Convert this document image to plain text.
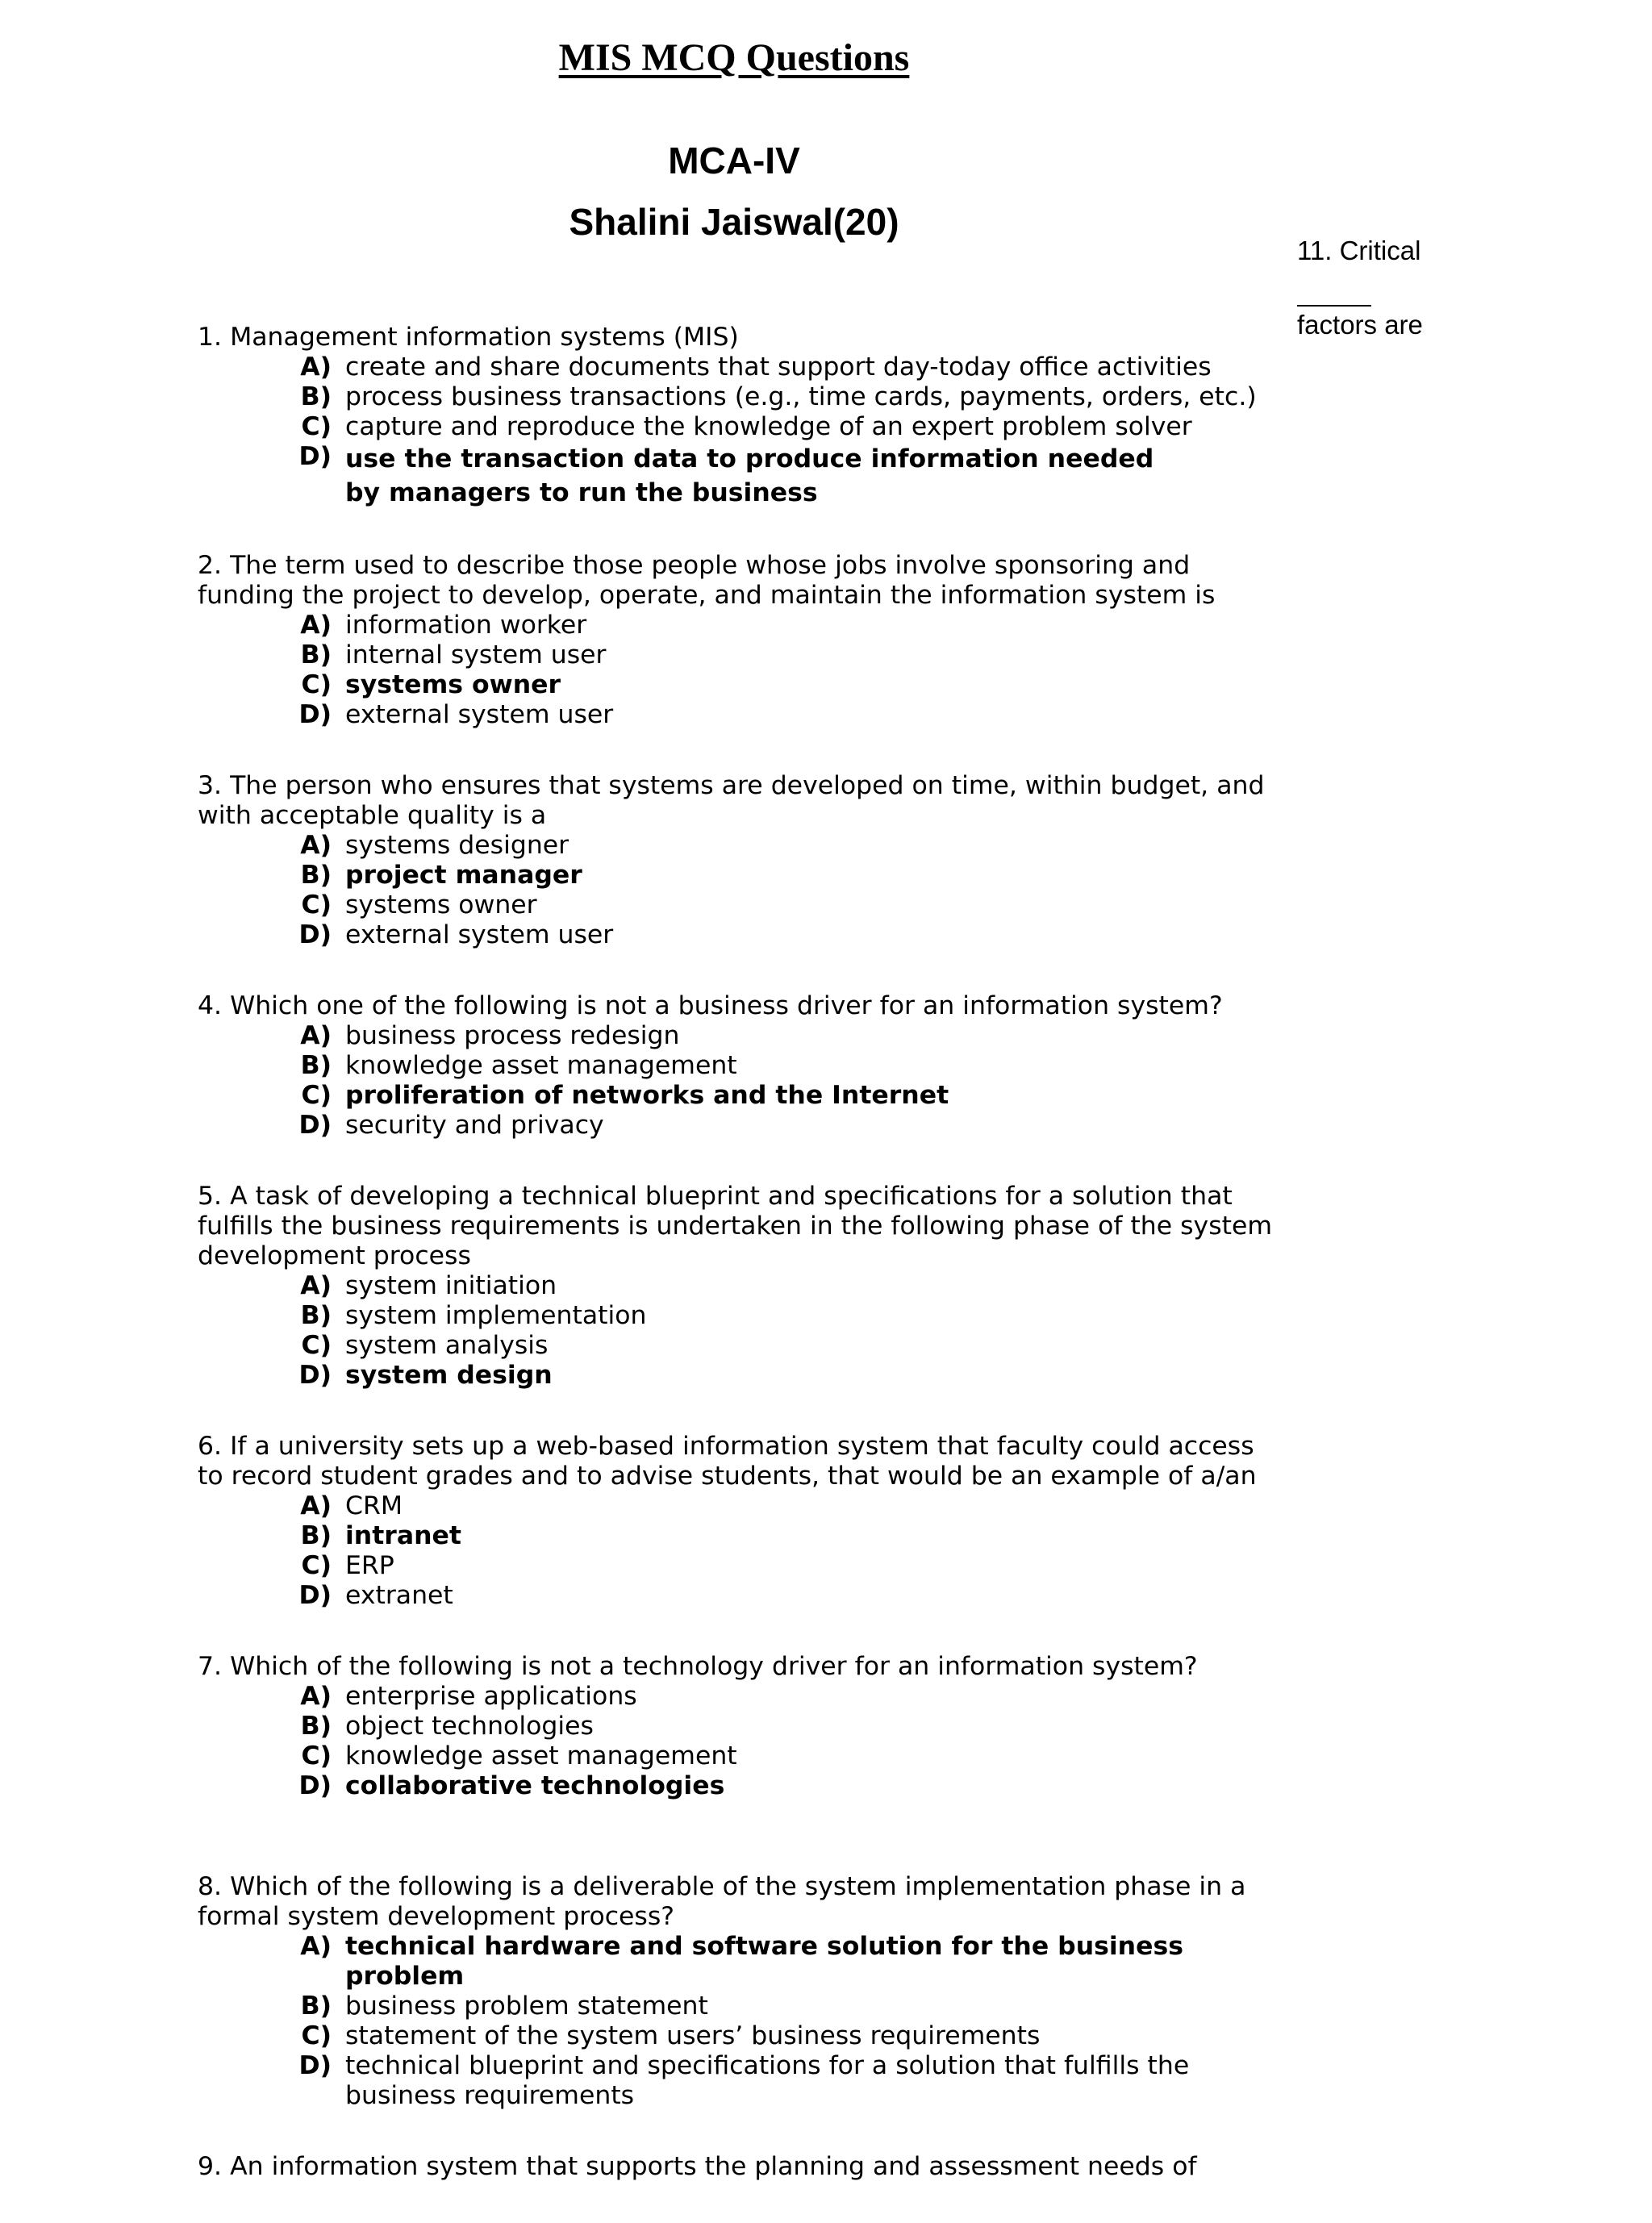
MIS MCQ Questions
MCA-IV
Shalini Jaiswal(20)
11. Critical
factors are

1. Management information systems (MIS)

A) create and share documents that support day-today office activities
B) process business transactions (e.g., time cards, payments, orders, etc.)
C) capture and reproduce the knowledge of an expert problem solver
D) use the transaction data to produce information needed by managers to run the business

2. The term used to describe those people whose jobs involve sponsoring and funding the project to develop, operate, and maintain the information system is

A) information worker
B) internal system user
C) systems owner
D) external system user

3. The person who ensures that systems are developed on time, within budget, and with acceptable quality is a

A) systems designer
B) project manager
C) systems owner
D) external system user

4. Which one of the following is not a business driver for an information system?

A) business process redesign
B) knowledge asset management
C) proliferation of networks and the Internet
D) security and privacy

5. A task of developing a technical blueprint and specifications for a solution that fulfills the business requirements is undertaken in the following phase of the system development process

A) system initiation
B) system implementation
C) system analysis
D) system design

6. If a university sets up a web-based information system that faculty could access to record student grades and to advise students, that would be an example of a/an

A) CRM
B) intranet
C) ERP
D) extranet

7. Which of the following is not a technology driver for an information system?

A) enterprise applications
B) object technologies
C) knowledge asset management
D) collaborative technologies

8. Which of the following is a deliverable of the system implementation phase in a formal system development process?

A) technical hardware and software solution for the business problem
B) business problem statement
C) statement of the system users’ business requirements
D) technical blueprint and specifications for a solution that fulfills the business requirements

9. An information system that supports the planning and assessment needs of
